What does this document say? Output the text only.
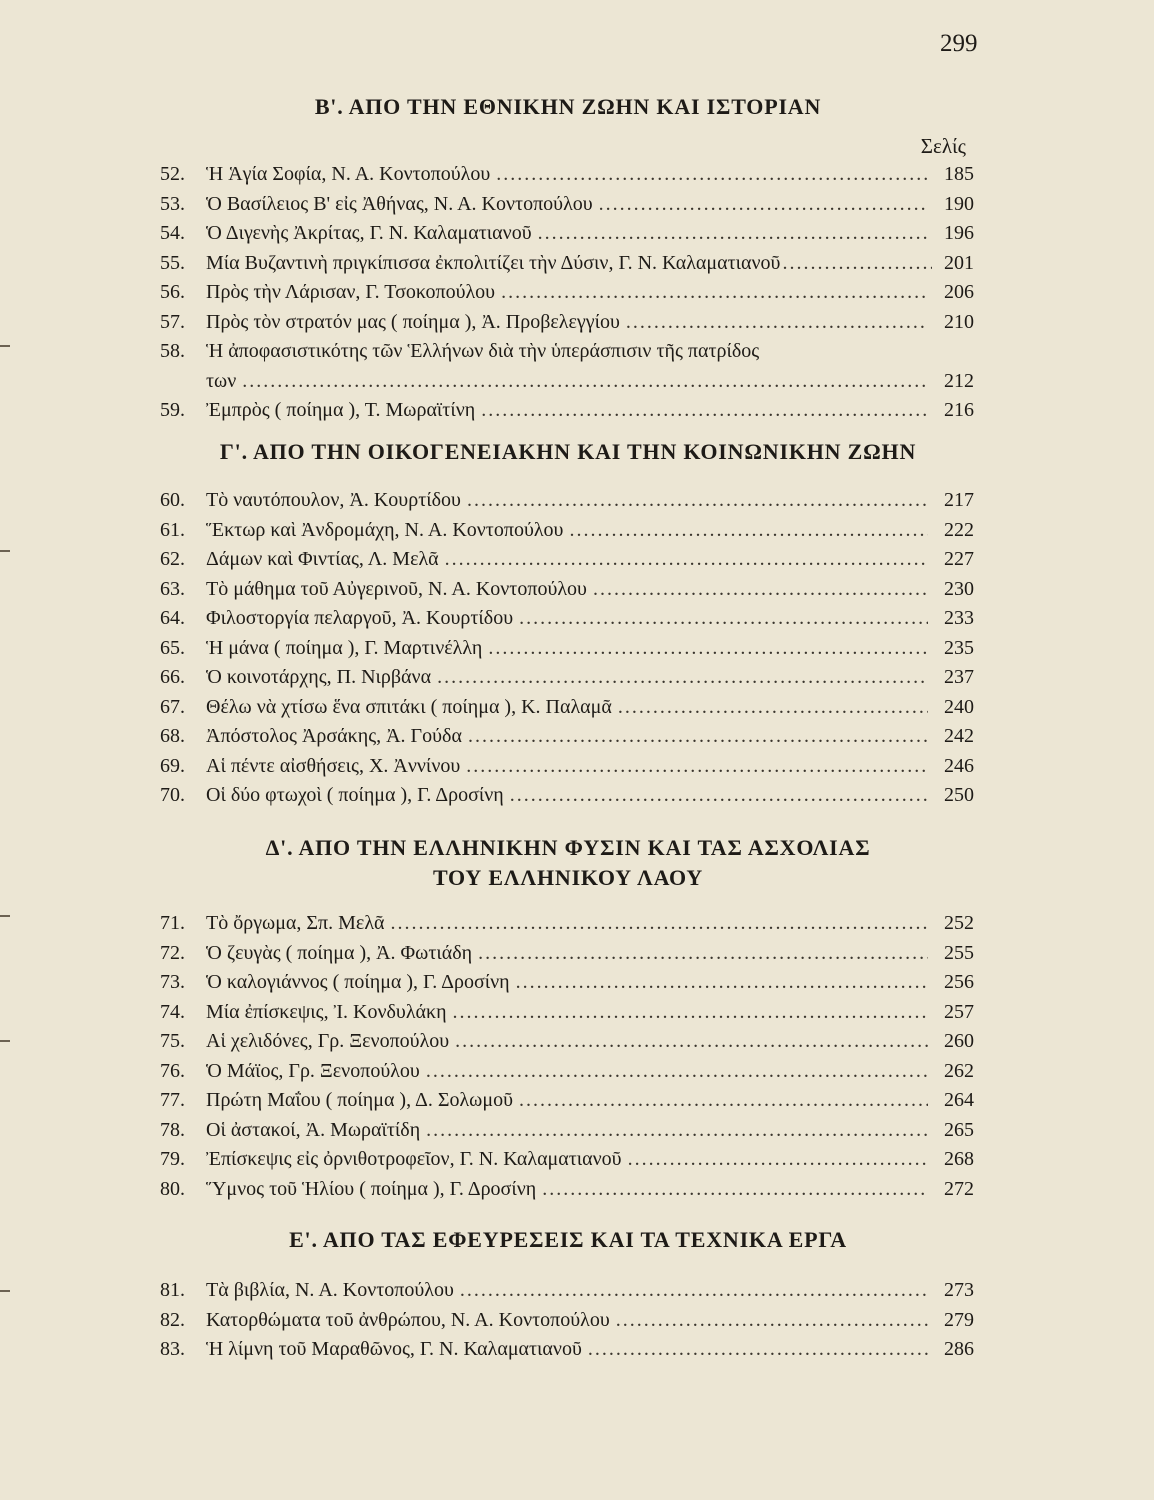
299
Β'. ΑΠΟ ΤΗΝ ΕΘΝΙΚΗΝ ΖΩΗΝ ΚΑΙ ΙΣΤΟΡΙΑΝ
Σελίς
52.	Ἡ Ἁγία Σοφία, Ν. Α. Κοντοπούλου .....	185
53.	Ὁ Βασίλειος Β' εἰς Ἀθήνας, Ν. Α. Κοντοπούλου .....	190
54.	Ὁ Διγενὴς Ἀκρίτας, Γ. Ν. Καλαματιανοῦ .....	196
55.	Μία Βυζαντινὴ πριγκίπισσα ἐκπολιτίζει τὴν Δύσιν, Γ. Ν. Καλαματιανοῦ .....	201
56.	Πρὸς τὴν Λάρισαν, Γ. Τσοκοπούλου .....	206
57.	Πρὸς τὸν στρατόν μας ( ποίημα ), Ἀ. Προβελεγγίου .....	210
58.	Ἡ ἀποφασιστικότης τῶν Ἑλλήνων διὰ τὴν ὑπεράσπισιν τῆς πατρίδος
των .....	212
59.	Ἐμπρὸς ( ποίημα ), Τ. Μωραϊτίνη .....	216
Γ'. ΑΠΟ ΤΗΝ ΟΙΚΟΓΕΝΕΙΑΚΗΝ ΚΑΙ ΤΗΝ ΚΟΙΝΩΝΙΚΗΝ ΖΩΗΝ
60.	Τὸ ναυτόπουλον, Ἀ. Κουρτίδου .....	217
61.	Ἕκτωρ καὶ Ἀνδρομάχη, Ν. Α. Κοντοπούλου .....	222
62.	Δάμων καὶ Φιντίας, Λ. Μελᾶ .....	227
63.	Τὸ μάθημα τοῦ Αὐγερινοῦ, Ν. Α. Κοντοπούλου .....	230
64.	Φιλοστοργία πελαργοῦ, Ἀ. Κουρτίδου .....	233
65.	Ἡ μάνα ( ποίημα ), Γ. Μαρτινέλλη .....	235
66.	Ὁ κοινοτάρχης, Π. Νιρβάνα .....	237
67.	Θέλω νὰ χτίσω ἕνα σπιτάκι ( ποίημα ), Κ. Παλαμᾶ .....	240
68.	Ἀπόστολος Ἀρσάκης, Ἀ. Γούδα .....	242
69.	Αἱ πέντε αἰσθήσεις, Χ. Ἀννίνου .....	246
70.	Οἱ δύο φτωχοὶ ( ποίημα ), Γ. Δροσίνη .....	250
Δ'. ΑΠΟ ΤΗΝ ΕΛΛΗΝΙΚΗΝ ΦΥΣΙΝ ΚΑΙ ΤΑΣ ΑΣΧΟΛΙΑΣ
ΤΟΥ ΕΛΛΗΝΙΚΟΥ ΛΑΟΥ
71.	Τὸ ὄργωμα, Σπ. Μελᾶ .....	252
72.	Ὁ ζευγὰς ( ποίημα ), Ἀ. Φωτιάδη .....	255
73.	Ὁ καλογιάννος ( ποίημα ), Γ. Δροσίνη .....	256
74.	Μία ἐπίσκεψις, Ἰ. Κονδυλάκη .....	257
75.	Αἱ χελιδόνες, Γρ. Ξενοπούλου .....	260
76.	Ὁ Μάϊος, Γρ. Ξενοπούλου .....	262
77.	Πρώτη Μαΐου ( ποίημα ), Δ. Σολωμοῦ .....	264
78.	Οἱ ἀστακοί, Ἀ. Μωραϊτίδη .....	265
79.	Ἐπίσκεψις εἰς ὀρνιθοτροφεῖον, Γ. Ν. Καλαματιανοῦ .....	268
80.	Ὕμνος τοῦ Ἡλίου ( ποίημα ), Γ. Δροσίνη .....	272
Ε'. ΑΠΟ ΤΑΣ ΕΦΕΥΡΕΣΕΙΣ ΚΑΙ ΤΑ ΤΕΧΝΙΚΑ ΕΡΓΑ
81.	Τὰ βιβλία, Ν. Α. Κοντοπούλου .....	273
82.	Κατορθώματα τοῦ ἀνθρώπου, Ν. Α. Κοντοπούλου .....	279
83.	Ἡ λίμνη τοῦ Μαραθῶνος, Γ. Ν. Καλαματιανοῦ .....	286
